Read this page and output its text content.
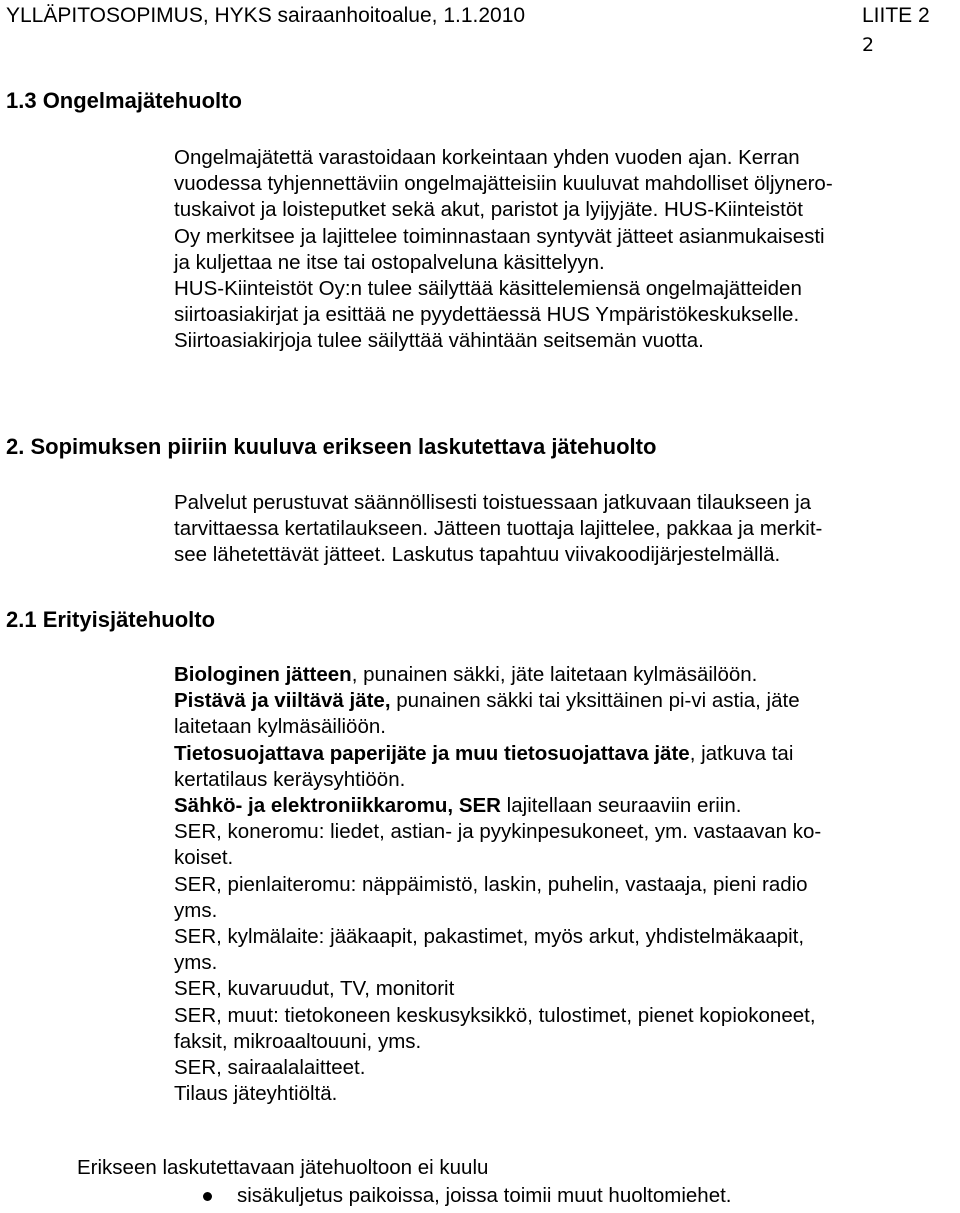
YLLÄPITOSOPIMUS, HYKS sairaanhoitoalue, 1.1.2010	LIITE 2
2
1.3 Ongelmajätehuolto
Ongelmajätettä varastoidaan korkeintaan yhden vuoden ajan. Kerran
vuodessa tyhjennettäviin ongelmajätteisiin kuuluvat mahdolliset öljynero-
tuskaivot ja loisteputket sekä akut, paristot ja lyijyjäte. HUS-Kiinteistöt
Oy merkitsee ja lajittelee toiminnastaan syntyvät jätteet asianmukaisesti
ja kuljettaa ne itse tai ostopalveluna käsittelyyn.
HUS-Kiinteistöt Oy:n tulee säilyttää käsittelemiensä ongelmajätteiden
siirtoasiakirjat ja esittää ne pyydettäessä HUS Ympäristökeskukselle.
Siirtoasiakirjoja tulee säilyttää vähintään seitsemän vuotta.
2. Sopimuksen piiriin kuuluva erikseen laskutettava jätehuolto
Palvelut perustuvat säännöllisesti toistuessaan jatkuvaan tilaukseen ja
tarvittaessa kertatilaukseen. Jätteen tuottaja lajittelee, pakkaa ja merkit-
see lähetettävät jätteet. Laskutus tapahtuu viivakoodijärjestelmällä.
2.1 Erityisjätehuolto
Biologinen jätteen, punainen säkki, jäte laitetaan kylmäsäilöön.
Pistävä ja viiltävä jäte, punainen säkki tai yksittäinen pi-vi astia, jäte
laitetaan kylmäsäiliöön.
Tietosuojattava paperijäte ja muu tietosuojattava jäte, jatkuva tai
kertatilaus keräysyhtiöön.
Sähkö- ja elektroniikkaromu, SER lajitellaan seuraaviin eriin.
SER, koneromu: liedet, astian- ja pyykinpesukoneet, ym. vastaavan ko-
koiset.
SER, pienlaiteromu: näppäimistö, laskin, puhelin, vastaaja, pieni radio
yms.
SER, kylmälaite: jääkaapit, pakastimet, myös arkut, yhdistelmäkaapit,
yms.
SER, kuvaruudut, TV, monitorit
SER, muut: tietokoneen keskusyksikkö, tulostimet, pienet kopiokoneet,
faksit, mikroaaltouuni, yms.
SER, sairaalalaitteet.
Tilaus jäteyhtiöltä.
Erikseen laskutettavaan jätehuoltoon ei kuulu
sisäkuljetus paikoissa, joissa toimii muut huoltomiehet.
